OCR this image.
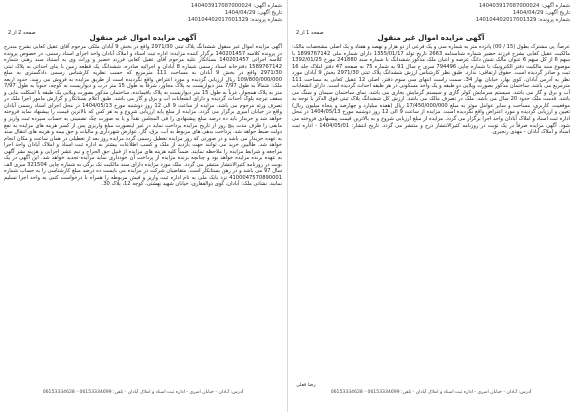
شماره آگهی: 140403917087000024
تاریخ آگهی: 1404/04/29
شماره پرونده: 140104402017001329
صفحه 1 از 2	آگهی مزایده اموال غیر منقول
عرصاً: پی مشترک بطول (15 / 00) پانزده متر به شماره سی و یک فرعی از دو هزار و نهصد و هفتاد و یک اصلی مشخصات مالک: مالکیت عقیل کعابی بشرح فرزند خضیر شماره شناسنامه 2663 تاریخ تولد 1355/01/17 دارای شماره ملی 1899767142 با سهم 6 از کل سهم 6 عنوان مالک شش دانگ عرصه و اعیان ملک مذکور ششدانگ با شماره سند 241880 مورخ 1392/01/25 موضوع سند مالکیت دفتر الکترونیک با شماره چاپی 794496 سری ج سال 91 به شماره 75 به صفحه 47 دفتر املاک جلد 16 ثبت و صادر گردیده است. حقوق ارتفاقی: ندارد. طبق نظر کارشناس ارزش ششدانگ پلاک ثبتی 2971/30 بخش 9 آبادان مورد نظر به آدرس آبادان، کوی بهار، خیابان بهار 34، سمت راست انتهای سی سوم دفتر، اصلی 12 عقیل کعابی به مساحت 111 مترمربع می باشد. ساختمان مذکور بصورت ویلایی دو طبقه و یک واحد مسکونی در هر طبقه احداث گردیده است. دارای انشعابات آب و برق و گاز می باشد. سیستم سرمایش کولر گازی و سیستم گرمایش بخاری می باشد. نمای ساختمان سیمان و سنگ می باشد. قدمت ملک حدود 20 سال می باشد. ملک در تصرف مالک می باشد. ارزش کل ششدانگ پلاک ثبتی فوق الذکر با توجه به موقعیت، کاربری، مساحت و سایر عوامل موثر به مبلغ 17/450/000/000 ریال (هفده میلیارد و چهارصد و پنجاه میلیون ریال) تعیین و ارزیابی گردیده و مورد اعتراض واقع نگردیده است. مزایده از ساعت 9 الی 12 روز دوشنبه مورخ 1404/05/13 در محل اداره ثبت اسناد و املاک آبادان واحد اجرا برگزار می گردد. مزایده از مبلغ ارزیابی شروع و به بالاترین قیمت پیشنهادی فروخته می شود. آگهی مزایده صرفاً در یک نوبت در روزنامه کثیرالانتشار درج و منتشر می گردد. تاریخ انتشار: 1404/05/01 - اداره ثبت اسناد و املاک آبادان - مهدی رنجبری.
رضا فعلی
آدرس: آبادان - خیابان امیری - اداره ثبت اسناد و املاک آبادان - تلفن: 06153334699 - 06153334628
شماره آگهی: 140403917087000024
تاریخ آگهی: 1404/04/29
شماره پرونده: 140104402017001329
صفحه 2 از 2	آگهی مزایده اموال غیر منقول
آگهی مزایده اموال غیر منقول ششدانگ پلاک ثبتی 2971/30 واقع در بخش 9 آبادان ملکی مرحوم آقای عقیل کعابی بشرح مندرج در پرونده کلاسه 140201457 برگزار کننده مزایده: اداره ثبت اسناد و املاک آبادان واحد اجرای اسناد رسمی. در خصوص پرونده کلاسه اجرائی 140201457 بستانکار علیه مرحوم آقای عقیل کعابی فرزند خضیر و وراث وی به استناد سند رهنی شماره 1589767142 دفترخانه اسناد رسمی شماره 8 آبادان و اجرائیه صادره، ششدانگ یک قطعه زمین با بنای احداثی به پلاک ثبتی 2971/30 واقع در بخش 9 آبادان به مساحت 111 مترمربع که حسب نظریه کارشناس رسمی دادگستری به مبلغ 109/800/000/000 ریال ارزیابی گردیده و مورد اعتراض واقع نگردیده است از طریق مزایده به فروش می رسد. حدود اربعه ملک: شمالاً به طول 7/97 متر دیواریست به پلاک مجاور، شرقاً به طول 15 متر درب و دیواریست به کوچه، جنوباً به طول 7/97 متر به پلاک همجوار، غرباً به طول 15 متر دیواریست به پلاک باقیمانده. ساختمان مذکور بصورت ویلایی یک طبقه با اسکلت بنایی و سقف تیرچه بلوک احداث گردیده و دارای انشعابات آب و برق و گاز می باشد. طبق اعلام بستانکار و گزارش مامور اجرا ملک در تصرف ورثه مرحوم می باشد. مزایده از ساعت 9 الی 12 روز دوشنبه مورخ 1404/05/13 در محل اجرای اسناد رسمی آبادان واقع در خیابان امیری برگزار می گردد. مزایده از مبلغ پایه ارزیابی شروع و به هر کس که بالاترین قیمت را پیشنهاد نماید فروخته خواهد شد و خریدار باید ده درصد مبلغ پیشنهادی را فی المجلس نقداً و یا به صورت چک تضمینی به حساب سپرده ثبت واریز و مابقی را ظرف مدت پنج روز از تاریخ مزایده پرداخت نماید در غیر اینصورت مبلغ واریزی پس از کسر هزینه های مزایده به نفع دولت ضبط خواهد شد. پرداخت بدهی های مربوط به آب، برق، گاز، عوارض شهرداری و مالیات و حق بیمه و هزینه های انتقال سند به عهده خریدار می باشد و در صورتی که روز مزایده تعطیل رسمی گردد مزایده روز بعد از تعطیلی در همان ساعت و مکان انجام خواهد شد. طالبین خرید می توانند جهت بازدید از ملک و کسب اطلاعات بیشتر به اداره ثبت اسناد و املاک آبادان واحد اجرا مراجعه و شرایط مزایده را ملاحظه نمایند. ضمناً کلیه هزینه های مزایده از قبیل حق الحراج و نیم عشر اجرایی و هزینه نشر آگهی به عهده برنده مزایده خواهد بود و چنانچه برنده مزایده از پرداخت آن خودداری نماید مزایده تجدید خواهد شد. این آگهی در یک نوبت در روزنامه کثیرالانتشار منتشر می گردد. ملک مورد مزایده دارای سند مالکیت تک برگی به شماره چاپی 321504 سری الف سال 97 می باشد و در رهن بستانکار است. متقاضیان شرکت در مزایده می بایست ده درصد مبلغ کارشناسی را به حساب شماره 4100047570890001 نزد بانک ملی به نام اداره ثبت واریز و فیش مربوطه را همراه با درخواست کتبی به واحد اجرا تسلیم نمایند. نشانی ملک: آبادان، کوی ذوالفقاری، خیابان شهید بهشتی، کوچه 12، پلاک 30.
آدرس: آبادان - خیابان امیری - اداره ثبت اسناد و املاک آبادان - تلفن: 06153334699 - 06153334628
